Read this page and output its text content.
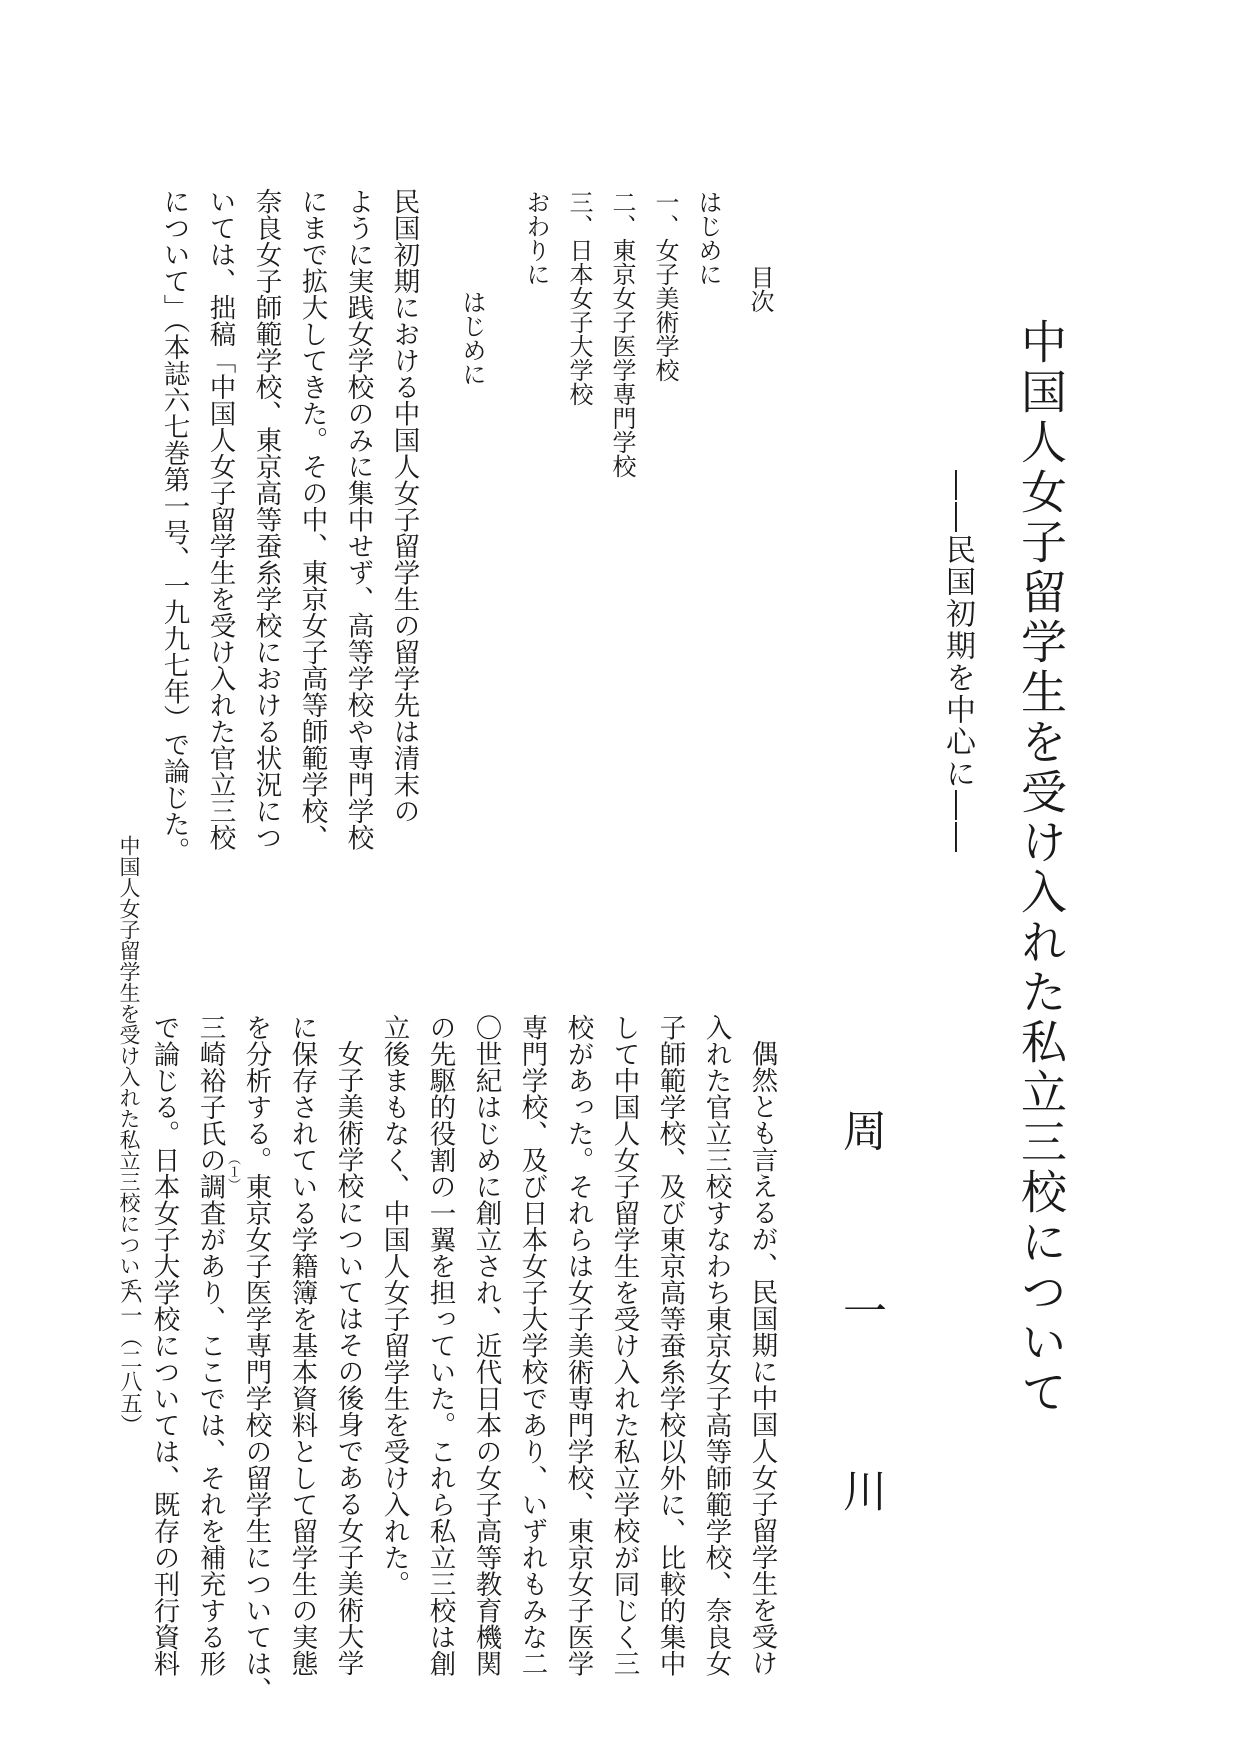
中国人女子留学生を受け入れた私立三校について
――民国初期を中心に――
周
一
川
目次
はじめに
一、女子美術学校
二、東京女子医学専門学校
三、日本女子大学校
おわりに
はじめに
民国初期における中国人女子留学生の留学先は清末の
ように実践女学校のみに集中せず、高等学校や専門学校
にまで拡大してきた。その中、東京女子高等師範学校、
奈良女子師範学校、東京高等蚕糸学校における状況につ
いては、拙稿「中国人女子留学生を受け入れた官立三校
について」（本誌六七巻第一号、一九九七年）で論じた。
中国人女子留学生を受け入れた私立三校について	偶然とも言えるが、民国期に中国人女子留学生を受け
入れた官立三校すなわち東京女子高等師範学校、奈良女
子師範学校、及び東京高等蚕糸学校以外に、比較的集中
して中国人女子留学生を受け入れた私立学校が同じく三
校があった。それらは女子美術専門学校、東京女子医学
専門学校、及び日本女子大学校であり、いずれもみな二
〇世紀はじめに創立され、近代日本の女子高等教育機関
の先駆的役割の一翼を担っていた。これら私立三校は創
立後まもなく、中国人女子留学生を受け入れた。
女子美術学校についてはその後身である女子美術大学
に保存されている学籍簿を基本資料として留学生の実態
を分析する。東京女子医学専門学校の留学生については、
三崎裕子氏の調査があり、ここでは、それを補充する形
で論じる。日本女子大学校については、既存の刊行資料	（１）
六一（二八五）
